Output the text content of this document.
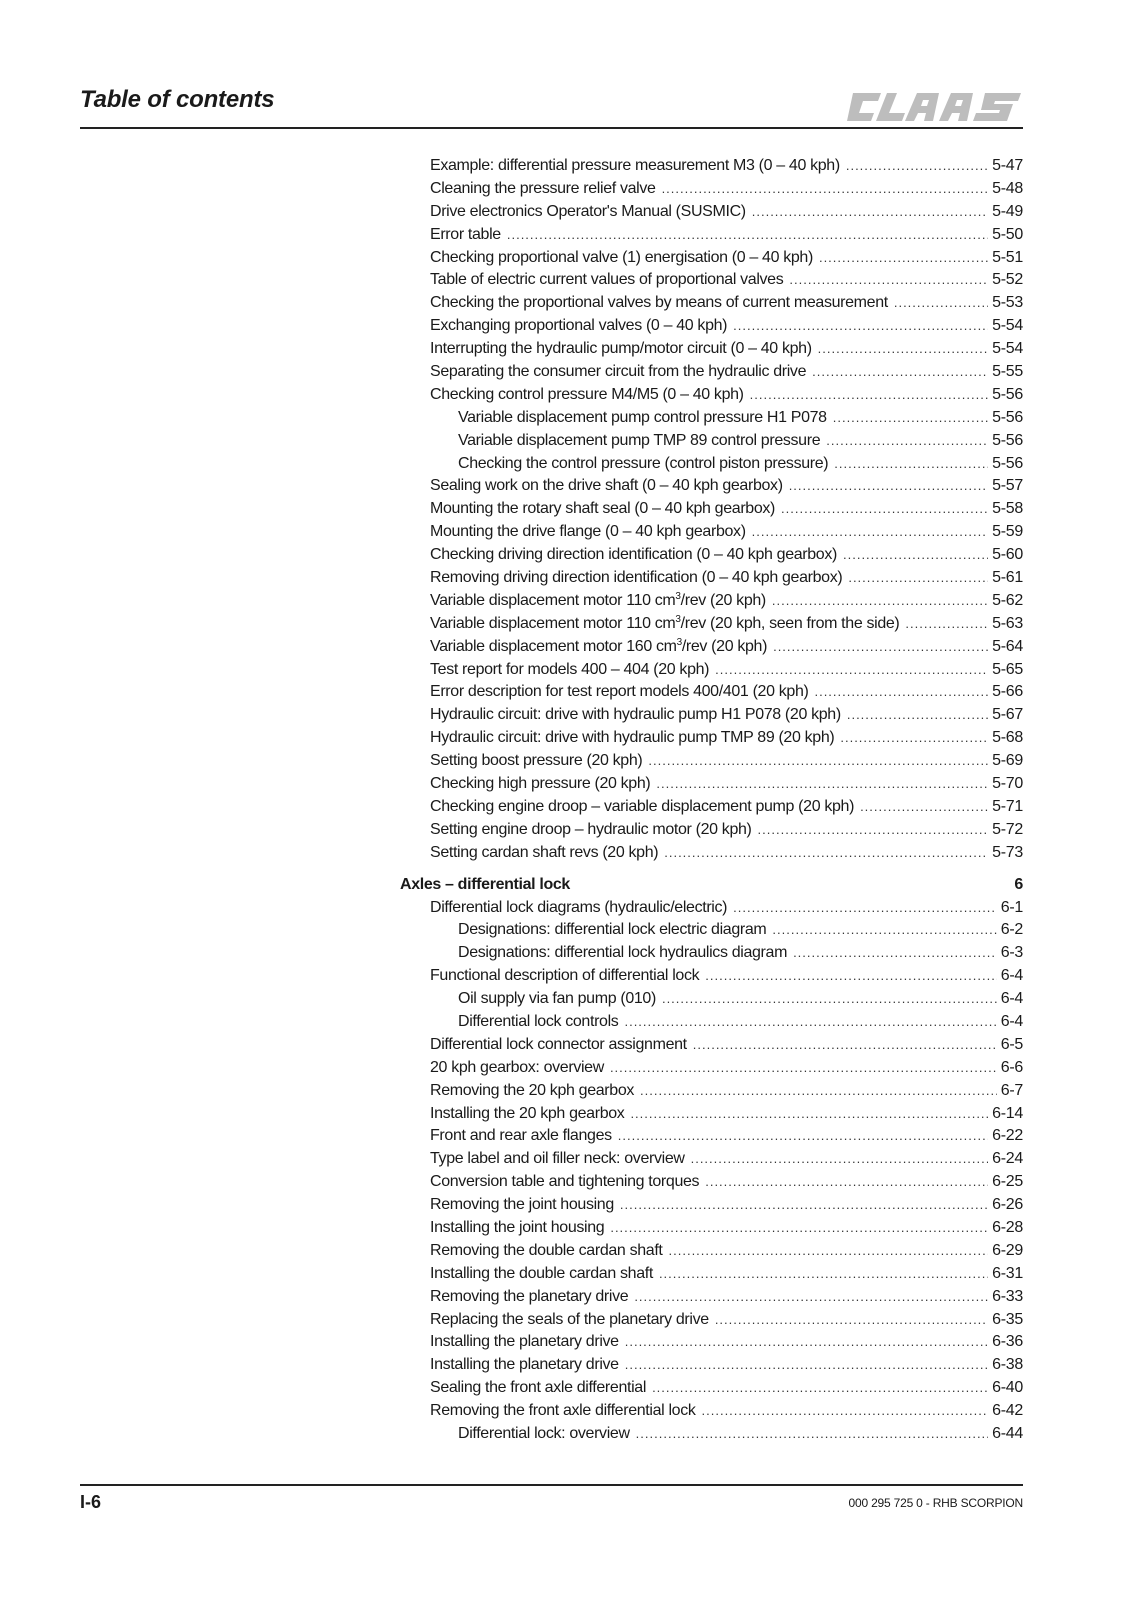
Table of contents
Example: differential pressure measurement M3 (0 – 40 kph) .....	5-47
Cleaning the pressure relief valve .....	5-48
Drive electronics Operator's Manual (SUSMIC) .....	5-49
Error table .....	5-50
Checking proportional valve (1) energisation (0 – 40 kph) .....	5-51
Table of electric current values of proportional valves .....	5-52
Checking the proportional valves by means of current measurement .....	5-53
Exchanging proportional valves (0 – 40 kph) .....	5-54
Interrupting the hydraulic pump/motor circuit (0 – 40 kph) .....	5-54
Separating the consumer circuit from the hydraulic drive .....	5-55
Checking control pressure M4/M5 (0 – 40 kph) .....	5-56
Variable displacement pump control pressure H1 P078 .....	5-56
Variable displacement pump TMP 89 control pressure .....	5-56
Checking the control pressure (control piston pressure) .....	5-56
Sealing work on the drive shaft (0 – 40 kph gearbox) .....	5-57
Mounting the rotary shaft seal (0 – 40 kph gearbox) .....	5-58
Mounting the drive flange (0 – 40 kph gearbox) .....	5-59
Checking driving direction identification (0 – 40 kph gearbox) .....	5-60
Removing driving direction identification (0 – 40 kph gearbox) .....	5-61
Variable displacement motor 110 $cm^3$/rev (20 kph) .....	5-62
Variable displacement motor 110 $cm^3$/rev (20 kph, seen from the side) .....	5-63
Variable displacement motor 160 $cm^3$/rev (20 kph) .....	5-64
Test report for models 400 – 404 (20 kph) .....	5-65
Error description for test report models 400/401 (20 kph) .....	5-66
Hydraulic circuit: drive with hydraulic pump H1 P078 (20 kph) .....	5-67
Hydraulic circuit: drive with hydraulic pump TMP 89 (20 kph) .....	5-68
Setting boost pressure (20 kph) .....	5-69
Checking high pressure (20 kph) .....	5-70
Checking engine droop – variable displacement pump (20 kph) .....	5-71
Setting engine droop – hydraulic motor (20 kph) .....	5-72
Setting cardan shaft revs (20 kph) .....	5-73
Axles – differential lock	6
Differential lock diagrams (hydraulic/electric) .....	6-1
Designations: differential lock electric diagram .....	6-2
Designations: differential lock hydraulics diagram .....	6-3
Functional description of differential lock .....	6-4
Oil supply via fan pump (010) .....	6-4
Differential lock controls .....	6-4
Differential lock connector assignment .....	6-5
20 kph gearbox: overview .....	6-6
Removing the 20 kph gearbox .....	6-7
Installing the 20 kph gearbox .....	6-14
Front and rear axle flanges .....	6-22
Type label and oil filler neck: overview .....	6-24
Conversion table and tightening torques .....	6-25
Removing the joint housing .....	6-26
Installing the joint housing .....	6-28
Removing the double cardan shaft .....	6-29
Installing the double cardan shaft .....	6-31
Removing the planetary drive .....	6-33
Replacing the seals of the planetary drive .....	6-35
Installing the planetary drive .....	6-36
Installing the planetary drive .....	6-38
Sealing the front axle differential .....	6-40
Removing the front axle differential lock .....	6-42
Differential lock: overview .....	6-44
I-6	000 295 725 0 - RHB SCORPION
